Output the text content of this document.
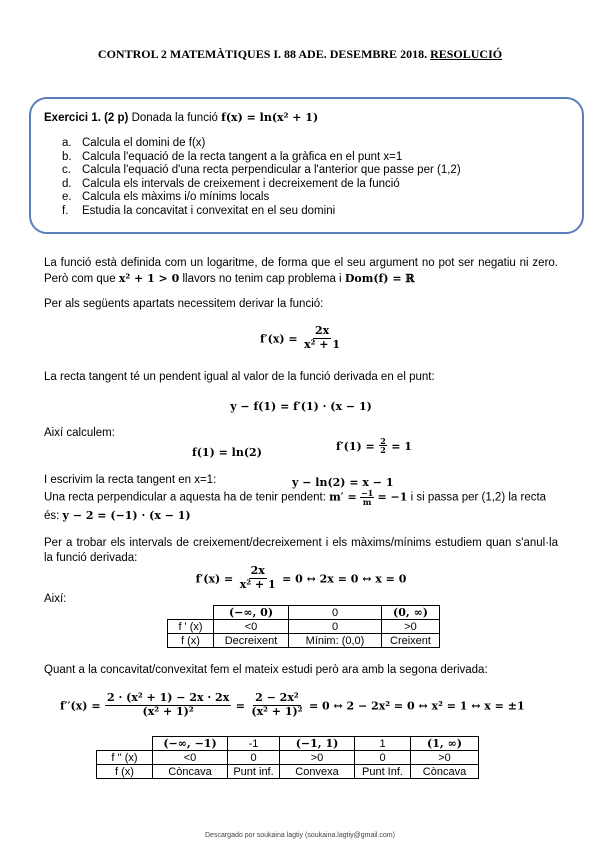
CONTROL 2 MATEMÀTIQUES I. 88 ADE. DESEMBRE 2018. RESOLUCIÓ
Exercici 1. (2 p) Donada la funció f(x) = ln(x² + 1)
a. Calcula el domini de f(x)
b. Calcula l'equació de la recta tangent a la gràfica en el punt x=1
c. Calcula l'equació d'una recta perpendicular a l'anterior que passe per (1,2)
d. Calcula els intervals de creixement i decreixement de la funció
e. Calcula els màxims i/o mínims locals
f. Estudia la concavitat i convexitat en el seu domini
La funció està definida com un logaritme, de forma que el seu argument no pot ser negatiu ni zero. Però com que x² + 1 > 0 llavors no tenim cap problema i Dom(f) = ℝ
Per als següents apartats necessitem derivar la funció:
$f'(x) = \frac{2x}{\text{x² + 1}}$
La recta tangent té un pendent igual al valor de la funció derivada en el punt:
y − f(1) = f′(1) · (x − 1)
Així calculem:
f(1) = ln(2)	$f'(1) = \frac{2}{2} = 1$
I escrivim la recta tangent en x=1:	y − ln(2) = x − 1
Una recta perpendicular a aquesta ha de tenir pendent: $m' = \frac{-1}{m} = -1$ i si passa per (1,2) la recta
és: y − 2 = (−1) · (x − 1)
Per a trobar els intervals de creixement/decreixement i els màxims/mínims estudiem quan s'anul·la la funció derivada:
$f'(x) = \frac{2x}{\text{x² + 1}} = 0$ ↔ 2x = 0 ↔ x = 0
Així:
	(−∞, 0)	0	(0, ∞)
f ' (x)	<0	0	>0
f (x)	Decreixent	Mínim: (0,0)	Creixent
Quant a la concavitat/convexitat fem el mateix estudi però ara amb la segona derivada:
$f''(x) = \frac{\text{2 · (x² + 1) − 2x · 2x}}{\text{(x² + 1)²}} = \frac{\text{2 − 2x²}}{\text{(x² + 1)²}} = 0$ ↔ 2 − 2x² = 0 ↔ x² = 1 ↔ x = ±1
	(−∞, −1)	-1	(−1, 1)	1	(1, ∞)
f '' (x)	<0	0	>0	0	>0
f (x)	Còncava	Punt inf.	Convexa	Punt Inf.	Còncava
Descargado por soukaina lagtiy (soukaina.lagtiy@gmail.com)
